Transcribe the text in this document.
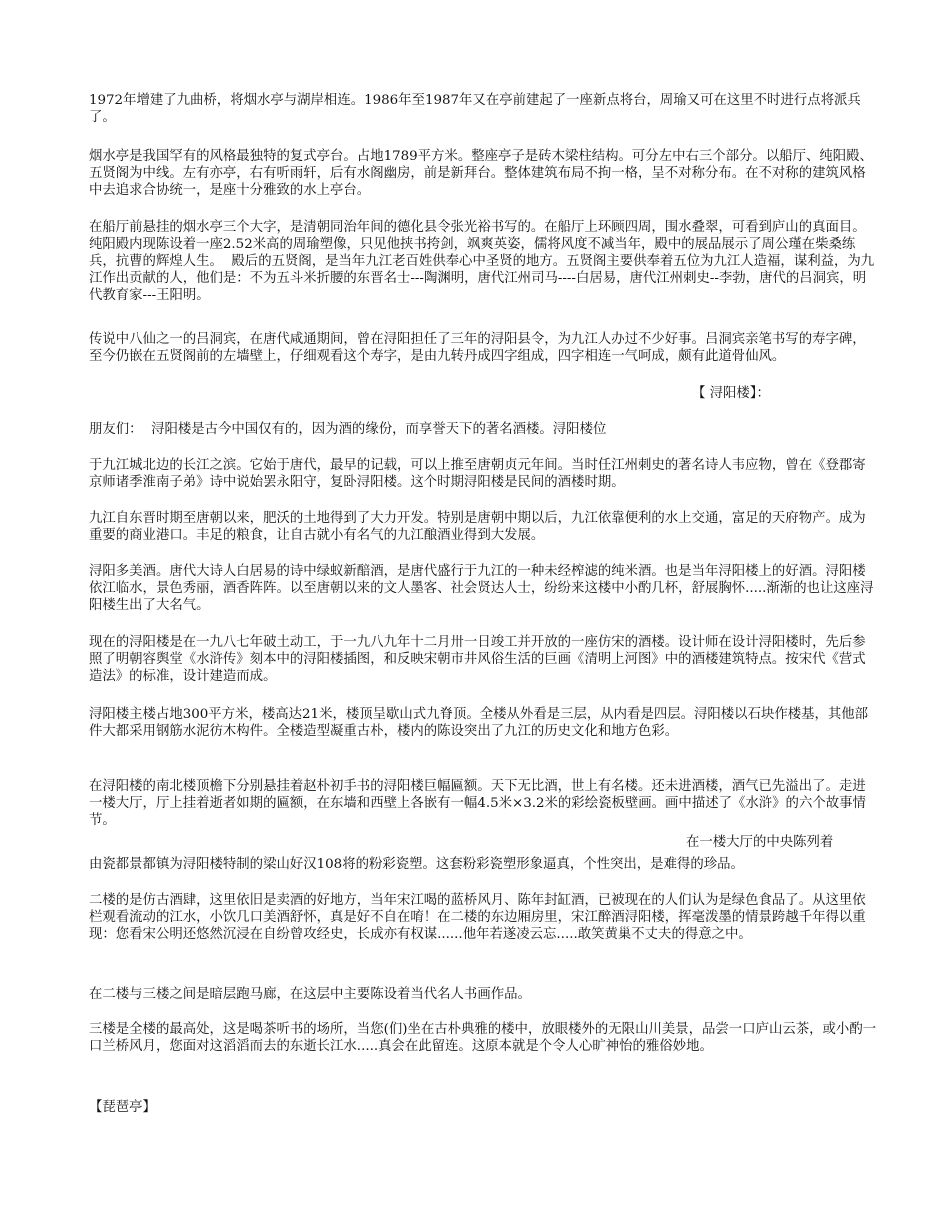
1972年增建了九曲桥，将烟水亭与湖岸相连。1986年至1987年又在亭前建起了一座新点将台，周瑜又可在这里不时进行点将派兵了。

烟水亭是我国罕有的风格最独特的复式亭台。占地1789平方米。整座亭子是砖木梁柱结构。可分左中右三个部分。以船厅、纯阳殿、五贤阁为中线。左有亦亭，右有听雨轩，后有水阁幽房，前是新拜台。整体建筑布局不拘一格，呈不对称分布。在不对称的建筑风格中去追求合协统一，是座十分雅致的水上亭台。

在船厅前悬挂的烟水亭三个大字，是清朝同治年间的德化县令张光裕书写的。在船厅上环顾四周，围水叠翠，可看到庐山的真面目。纯阳殿内现陈设着一座2.52米高的周瑜塑像，只见他挟书挎剑，飒爽英姿，儒将风度不减当年，殿中的展品展示了周公瑾在柴桑练兵，抗曹的辉煌人生。  殿后的五贤阁，是当年九江老百姓供奉心中圣贤的地方。五贤阁主要供奉着五位为九江人造福，谋利益，为九江作出贡献的人，他们是：不为五斗米折腰的东晋名士---陶渊明，唐代江州司马----白居易，唐代江州刺史--李勃，唐代的吕洞宾，明代教育家---王阳明。

传说中八仙之一的吕洞宾，在唐代咸通期间，曾在浔阳担任了三年的浔阳县令，为九江人办过不少好事。吕洞宾亲笔书写的寿字碑，至今仍嵌在五贤阁前的左墙壁上，仔细观看这个寿字，是由九转丹成四字组成，四字相连一气呵成，颇有此道骨仙风。

【 浔阳楼】：

朋友们：  浔阳楼是古今中国仅有的，因为酒的缘份，而享誉天下的著名酒楼。浔阳楼位

于九江城北边的长江之滨。它始于唐代，最早的记载，可以上推至唐朝贞元年间。当时任江州刺史的著名诗人韦应物，曾在《登郡寄京师诸季淮南子弟》诗中说始罢永阳守，复卧浔阳楼。这个时期浔阳楼是民间的酒楼时期。

九江自东晋时期至唐朝以来，肥沃的土地得到了大力开发。特别是唐朝中期以后，九江依靠便利的水上交通，富足的天府物产。成为重要的商业港口。丰足的粮食，让自古就小有名气的九江酿酒业得到大发展。

浔阳多美酒。唐代大诗人白居易的诗中绿蚁新醅酒，是唐代盛行于九江的一种未经榨滤的纯米酒。也是当年浔阳楼上的好酒。浔阳楼依江临水，景色秀丽，酒香阵阵。以至唐朝以来的文人墨客、社会贤达人士，纷纷来这楼中小酌几杯，舒展胸怀.....渐渐的也让这座浔阳楼生出了大名气。

现在的浔阳楼是在一九八七年破土动工，于一九八九年十二月卅一日竣工并开放的一座仿宋的酒楼。设计师在设计浔阳楼时，先后参照了明朝容舆堂《水浒传》刻本中的浔阳楼插图，和反映宋朝市井风俗生活的巨画《清明上河图》中的酒楼建筑特点。按宋代《营式造法》的标准，设计建造而成。

浔阳楼主楼占地300平方米，楼高达21米，楼顶呈歇山式九脊顶。全楼从外看是三层，从内看是四层。浔阳楼以石块作楼基，其他部件大都采用钢筋水泥彷木构件。全楼造型凝重古朴，楼内的陈设突出了九江的历史文化和地方色彩。

在浔阳楼的南北楼顶檐下分别悬挂着赵朴初手书的浔阳楼巨幅匾额。天下无比酒，世上有名楼。还未进酒楼，酒气已先溢出了。走进一楼大厅，厅上挂着逝者如期的匾额，在东墙和西壁上各嵌有一幅4.5米×3.2米的彩绘瓷板壁画。画中描述了《水浒》的六个故事情节。

在一楼大厅的中央陈列着

由瓷都景都镇为浔阳楼特制的梁山好汉108将的粉彩瓷塑。这套粉彩瓷塑形象逼真，个性突出，是难得的珍品。

二楼的是仿古酒肆，这里依旧是卖酒的好地方，当年宋江喝的蓝桥风月、陈年封缸酒，已被现在的人们认为是绿色食品了。从这里依栏观看流动的江水，小饮几口美酒舒怀，真是好不自在唷！在二楼的东边厢房里，宋江醉酒浔阳楼，挥毫泼墨的情景跨越千年得以重现：您看宋公明还悠然沉浸在自纷曾攻经史，长成亦有权谋......他年若遂凌云忘.....敢笑黄巢不丈夫的得意之中。

在二楼与三楼之间是暗层跑马廊，在这层中主要陈设着当代名人书画作品。

三楼是全楼的最高处，这是喝茶听书的场所，当您(们)坐在古朴典雅的楼中，放眼楼外的无限山川美景，品尝一口庐山云茶，或小酌一口兰桥风月，您面对这滔滔而去的东逝长江水.....真会在此留连。这原本就是个令人心旷神怡的雅俗妙地。

【琵琶亭】
